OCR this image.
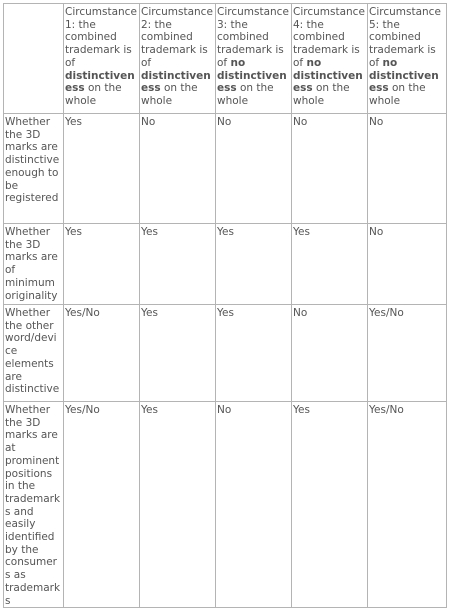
	Circumstance 1: the combined trademark is of distinctiveness on the whole	Circumstance 2: the combined trademark is of distinctiveness on the whole	Circumstance 3: the combined trademark is of no distinctiveness on the whole	Circumstance 4: the combined trademark is of no distinctiveness on the whole	Circumstance 5: the combined trademark is of no distinctiveness on the whole
Whether the 3D marks are distinctive enough to be registered	Yes	No	No	No	No
Whether the 3D marks are of minimum originality	Yes	Yes	Yes	Yes	No
Whether the other word/device elements are distinctive	Yes/No	Yes	Yes	No	Yes/No
Whether the 3D marks are at prominent positions in the trademarks and easily identified by the consumers as trademarks	Yes/No	Yes	No	Yes	Yes/No
